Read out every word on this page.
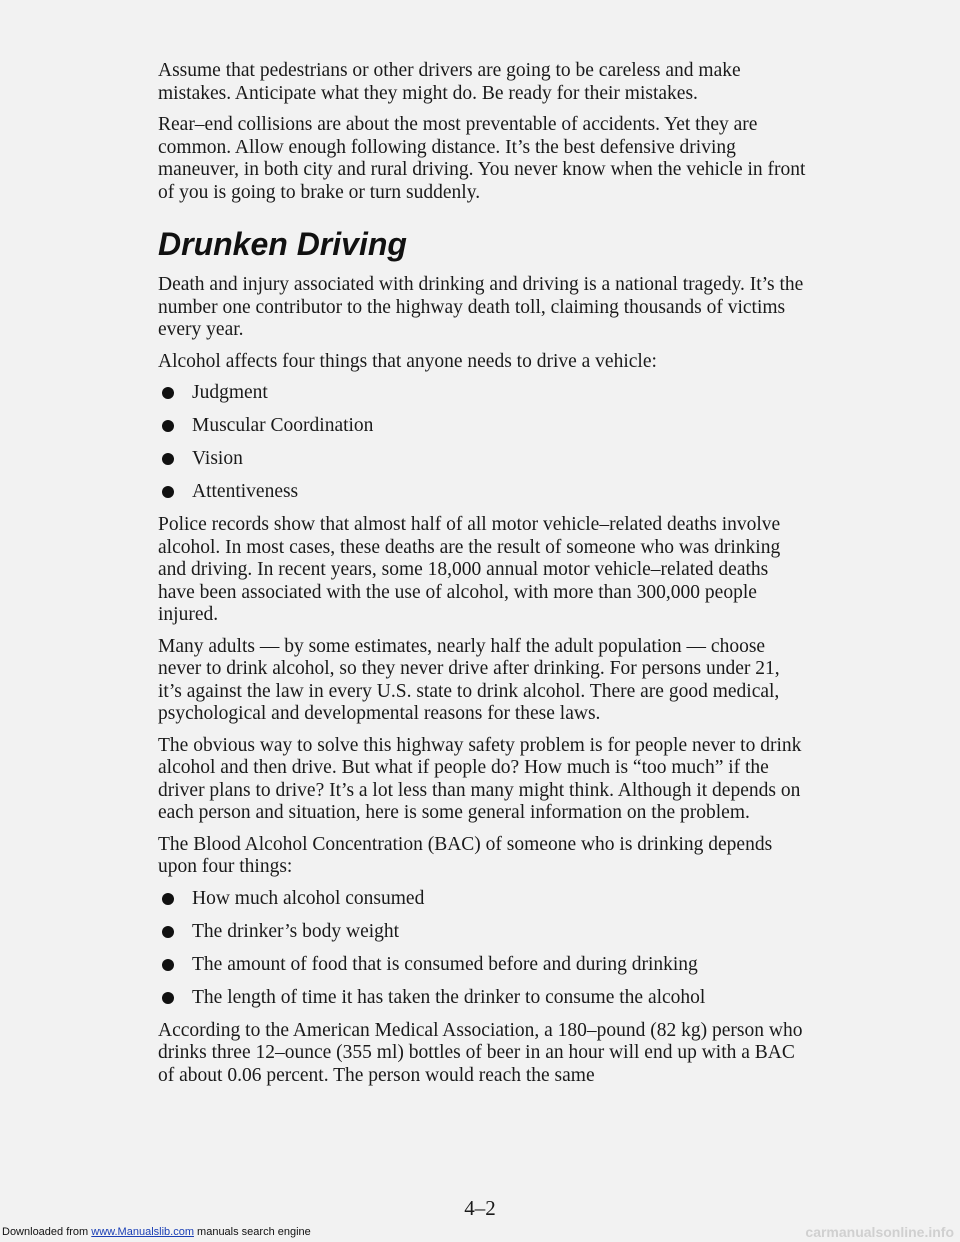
Assume that pedestrians or other drivers are going to be careless and make mistakes. Anticipate what they might do. Be ready for their mistakes.

Rear–end collisions are about the most preventable of accidents. Yet they are common. Allow enough following distance. It’s the best defensive driving maneuver, in both city and rural driving. You never know when the vehicle in front of you is going to brake or turn suddenly.

Drunken Driving

Death and injury associated with drinking and driving is a national tragedy. It’s the number one contributor to the highway death toll, claiming thousands of victims every year.

Alcohol affects four things that anyone needs to drive a vehicle:

Judgment
Muscular Coordination
Vision
Attentiveness

Police records show that almost half of all motor vehicle–related deaths involve alcohol. In most cases, these deaths are the result of someone who was drinking and driving. In recent years, some 18,000 annual motor vehicle–related deaths have been associated with the use of alcohol, with more than 300,000 people injured.

Many adults — by some estimates, nearly half the adult population — choose never to drink alcohol, so they never drive after drinking. For persons under 21, it’s against the law in every U.S. state to drink alcohol. There are good medical, psychological and developmental reasons for these laws.

The obvious way to solve this highway safety problem is for people never to drink alcohol and then drive. But what if people do? How much is “too much” if the driver plans to drive? It’s a lot less than many might think. Although it depends on each person and situation, here is some general information on the problem.

The Blood Alcohol Concentration (BAC) of someone who is drinking depends upon four things:

How much alcohol consumed
The drinker’s body weight
The amount of food that is consumed before and during drinking
The length of time it has taken the drinker to consume the alcohol

According to the American Medical Association, a 180–pound (82 kg) person who drinks three 12–ounce (355 ml) bottles of beer in an hour will end up with a BAC of about 0.06 percent. The person would reach the same

4–2
Downloaded from www.Manualslib.com manuals search engine	carmanualsonline.info
